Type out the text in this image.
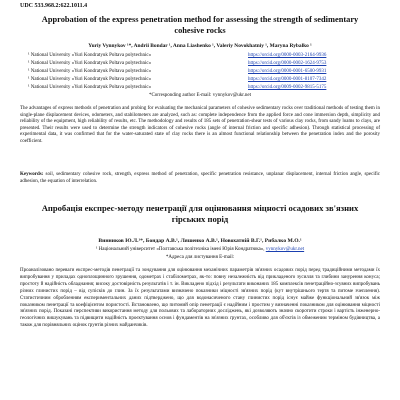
UDC 533.968.2:622.1011.4
Approbation of the express penetration method for assessing the strength of sedimentary cohesive rocks
Yuriy Vynnykov ¹*, Andrii Bondar ¹, Anna Liashenko ¹, Valeriy Novokhatniy ¹, Maryna Rybalko ¹
¹ National University «Yuri Kondratyuk Poltava polytechnic»	https://orcid.org/0000-0003-2164-9936
¹ National University «Yuri Kondratyuk Poltava polytechnic»	https://orcid.org/0000-0002-1624-9753
¹ National University «Yuri Kondratyuk Poltava polytechnic»	https://orcid.org/0000-0001-6500-9931
¹ National University «Yuri Kondratyuk Poltava polytechnic»	https://orcid.org/0000-0001-8107-7342
¹ National University «Yuri Kondratyuk Poltava polytechnic»	https://orcid.org/0009-0002-9815-5175
*Corresponding author E-mail: vynnykov@ukr.net
The advantages of express methods of penetration and probing for evaluating the mechanical parameters of cohesive sedimentary rocks over traditional methods of testing them in single-plane displacement devices, odometers, and stabilometers are analyzed, such as: complete independence from the applied force and cone immersion depth, simplicity and reliability of the equipment, high reliability of results, etc. The methodology and results of 185 sets of penetration-shear tests of various clay rocks, from sandy loams to clays, are presented. Their results were used to determine the strength indicators of cohesive rocks (angle of internal friction and specific adhesion). Through statistical processing of experimental data, it was confirmed that for the water-saturated state of clay rocks there is an almost functional relationship between the penetration index and the porosity coefficient.
Keywords: soil, sedimentary cohesive rock, strength, express method of penetration, specific penetration resistance, unplanar displacement, internal friction angle, specific adhesion, the equation of interrelation.
Апробація експрес-методу пенетрації для оцінювання міцності осадових зв'язних гірських порід
Винников Ю.Л.¹*, Бондар А.В.¹, Ляшенко А.В.¹, Новохатній В.Г.¹, Рибалко М.О.¹
¹ Національний університет «Полтавська політехніка імені Юрія Кондратюка», vynnykov@ukr.net
*Адреса для листування E-mail:
Проаналізовано переваги експрес-методів пенетрації та зондування для оцінювання механічних параметрів зв'язних осадових порід перед традиційними методами їх випробування у приладах одноплощинного зрушення, одометрах і стабілометрах, як-то: повну незалежність від прикладеного зусилля та глибини занурення конуса; простоту й надійність обладнання; високу достовірність результатів і т. ін. Викладено підхід і результати виконаних 185 комплексів пенетраційно-зсувних випробувань різних глинистих порід – від супісків до глин. За їх результатами визначено показники міцності зв'язних порід (кут внутрішнього тертя та питоме зчеплення). Статистичним обробленням експериментальних даних підтверджено, що для водонасиченого стану глинистих порід існує майже функціональний зв'язок між показником пенетрації та коефіцієнтом пористості. Встановлено, що питомий опір пенетрації є надійним і простим у визначенні показником для оцінювання міцності зв'язних порід. Показані перспективи використання методу для польових та лабораторних досліджень, які дозволяють значно скоротити строки і вартість інженерно-геологічних вишукувань та підвищити надійність проєктування основ і фундаментів на зв'язних ґрунтах, особливо для об'єктів із обмеженим терміном будівництва, а також для порівняльних оцінок ґрунтів різних майданчиків.
